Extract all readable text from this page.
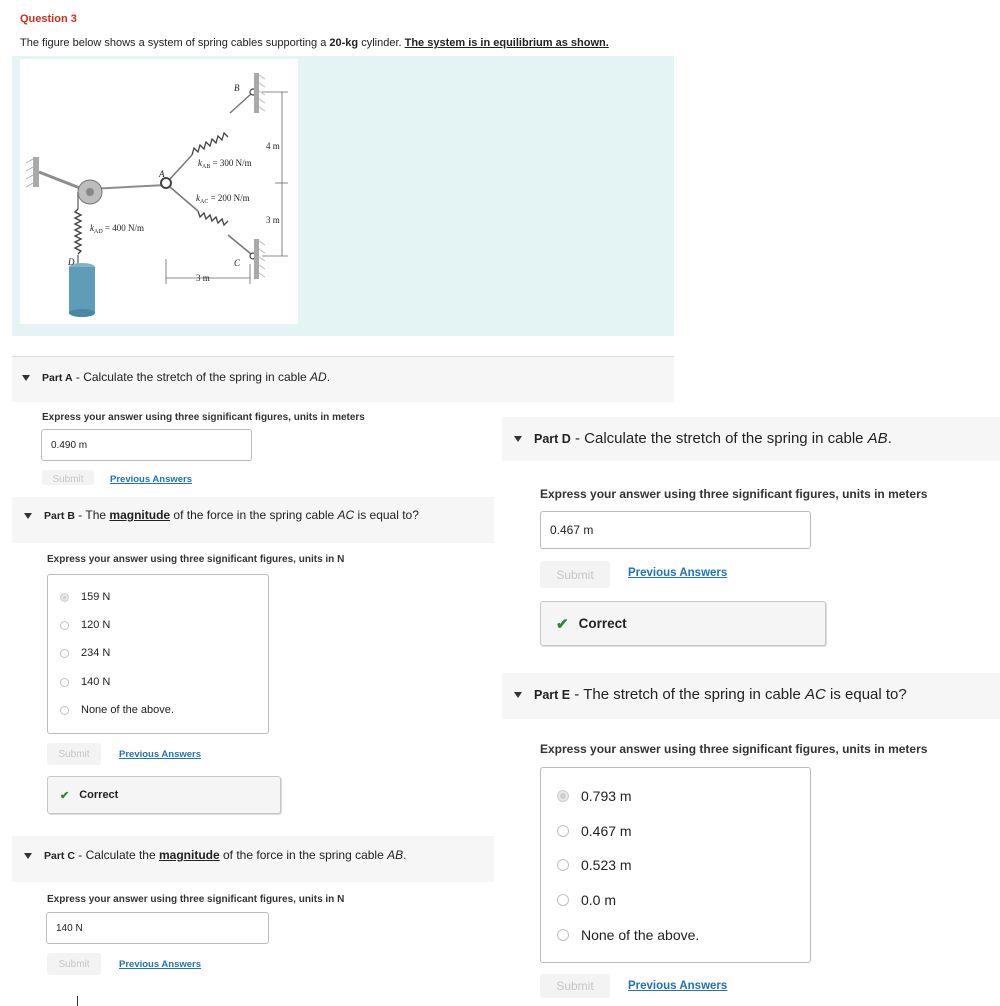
Question 3
The figure below shows a system of spring cables supporting a 20-kg cylinder. The system is in equilibrium as shown.
B
A
C
D
$k_{AB} = 300$ N/m
$k_{AC} = 200$ N/m
$k_{AD} = 400$ N/m
4 m
3 m
3 m
Part A - Calculate the stretch of the spring in cable AD.
Express your answer using three significant figures, units in meters
0.490 m
Submit	Previous Answers
Part B - The magnitude of the force in the spring cable AC is equal to?
Express your answer using three significant figures, units in N
159 N
120 N
234 N
140 N
None of the above.
Submit	Previous Answers
✔ Correct
Part C - Calculate the magnitude of the force in the spring cable AB.
Express your answer using three significant figures, units in N
140 N
Submit	Previous Answers
Part D - Calculate the stretch of the spring in cable AB.
Express your answer using three significant figures, units in meters
0.467 m
Submit	Previous Answers
✔ Correct
Part E - The stretch of the spring in cable AC is equal to?
Express your answer using three significant figures, units in meters
0.793 m
0.467 m
0.523 m
0.0 m
None of the above.
Submit	Previous Answers
